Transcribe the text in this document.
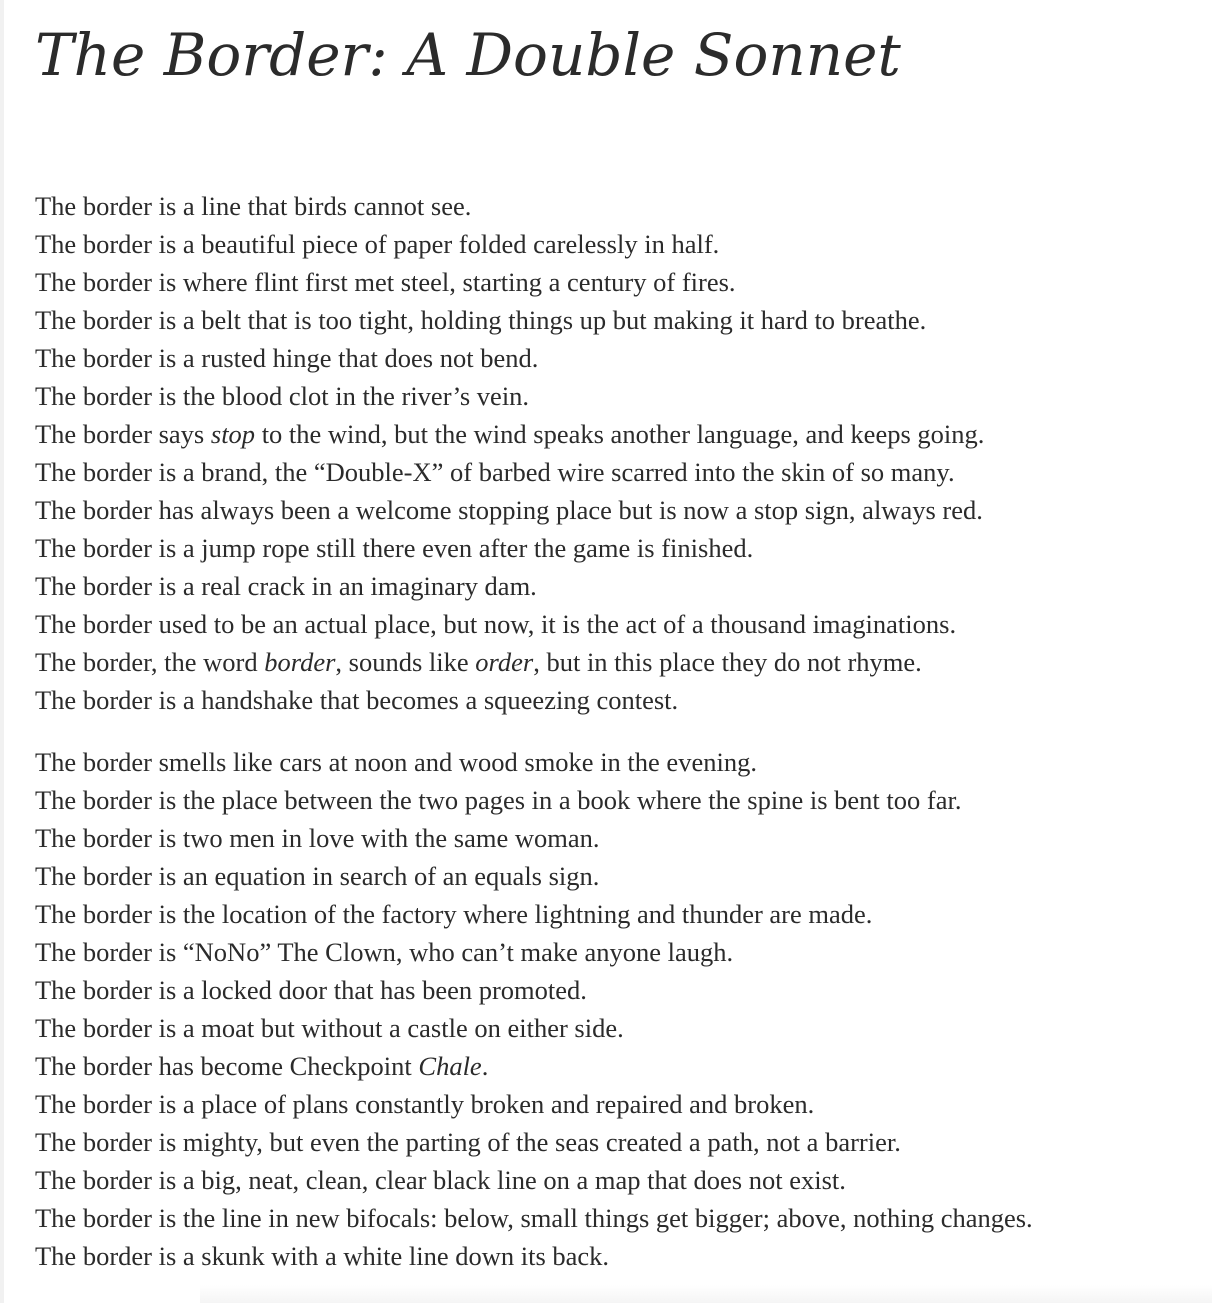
The Border: A Double Sonnet
The border is a line that birds cannot see.
The border is a beautiful piece of paper folded carelessly in half.
The border is where flint first met steel, starting a century of fires.
The border is a belt that is too tight, holding things up but making it hard to breathe.
The border is a rusted hinge that does not bend.
The border is the blood clot in the river’s vein.
The border says stop to the wind, but the wind speaks another language, and keeps going.
The border is a brand, the “Double-X” of barbed wire scarred into the skin of so many.
The border has always been a welcome stopping place but is now a stop sign, always red.
The border is a jump rope still there even after the game is finished.
The border is a real crack in an imaginary dam.
The border used to be an actual place, but now, it is the act of a thousand imaginations.
The border, the word border, sounds like order, but in this place they do not rhyme.
The border is a handshake that becomes a squeezing contest.
The border smells like cars at noon and wood smoke in the evening.
The border is the place between the two pages in a book where the spine is bent too far.
The border is two men in love with the same woman.
The border is an equation in search of an equals sign.
The border is the location of the factory where lightning and thunder are made.
The border is “NoNo” The Clown, who can’t make anyone laugh.
The border is a locked door that has been promoted.
The border is a moat but without a castle on either side.
The border has become Checkpoint Chale.
The border is a place of plans constantly broken and repaired and broken.
The border is mighty, but even the parting of the seas created a path, not a barrier.
The border is a big, neat, clean, clear black line on a map that does not exist.
The border is the line in new bifocals: below, small things get bigger; above, nothing changes.
The border is a skunk with a white line down its back.
